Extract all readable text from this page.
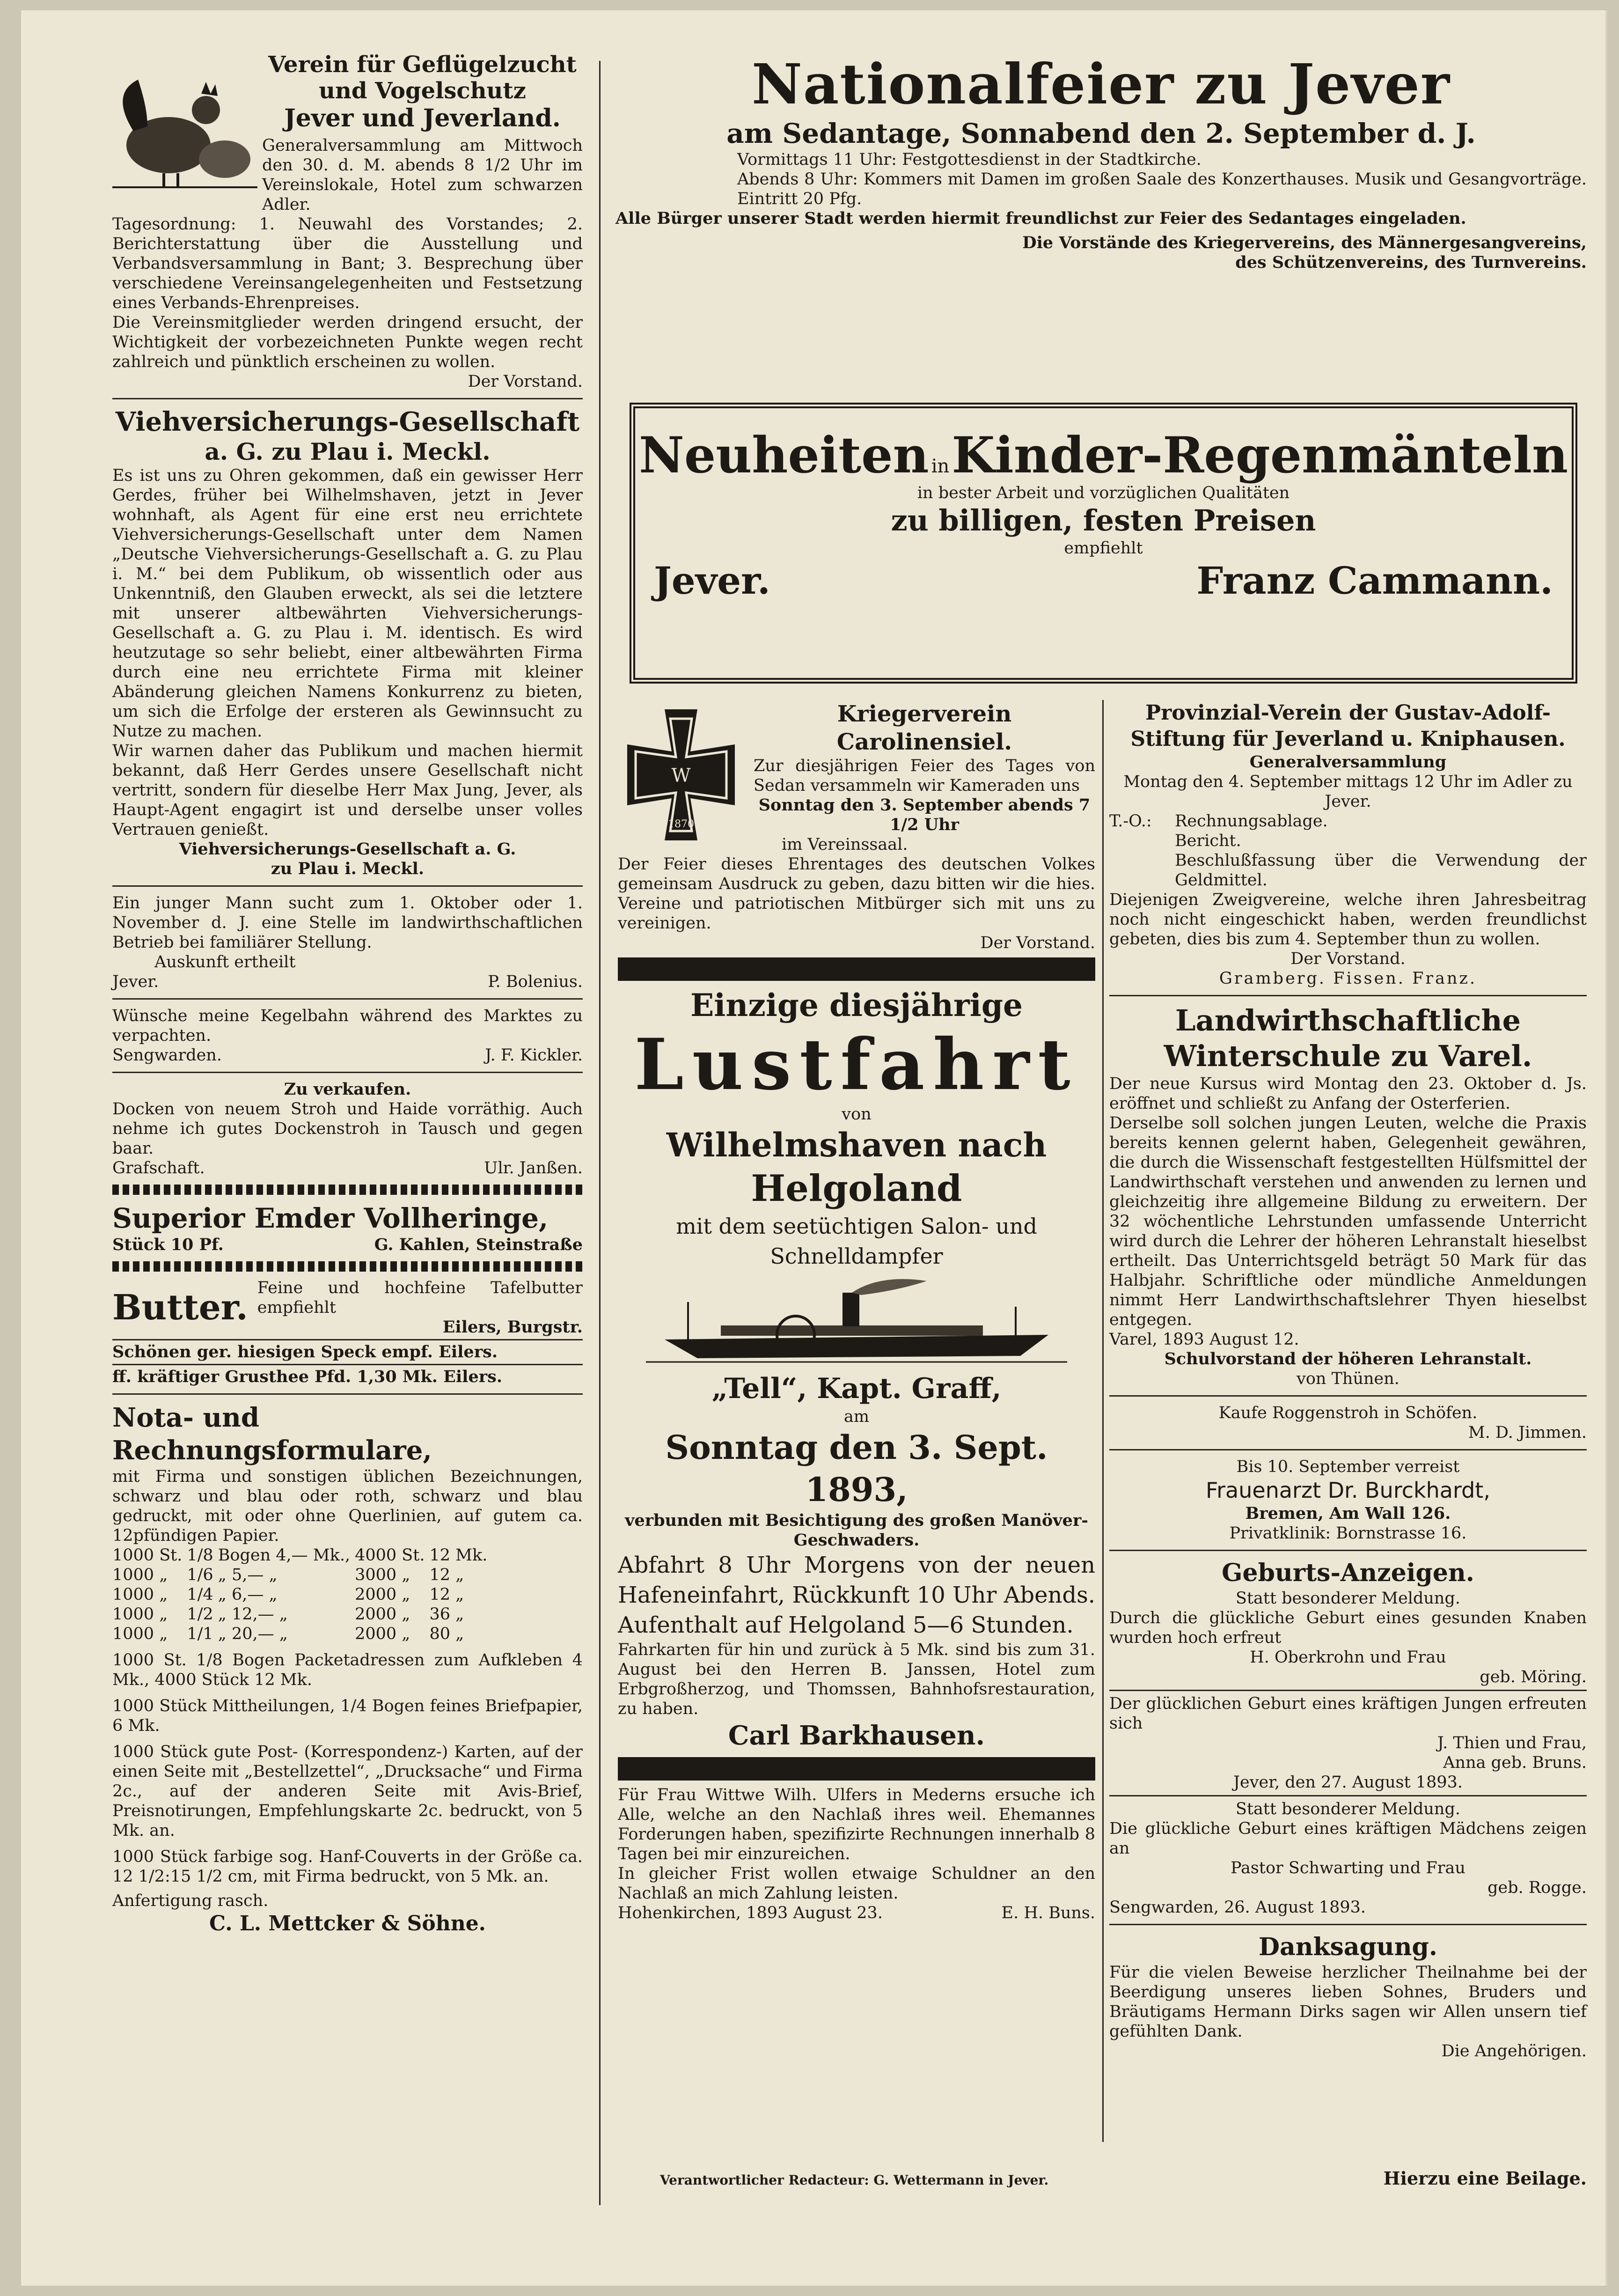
Verein für Geflügelzucht
und Vogelschutz
Jever und Jeverland.

Generalversammlung am Mittwoch den 30. d. M. abends 8 1/2 Uhr im Vereinslokale, Hotel zum schwarzen Adler.

Tagesordnung: 1. Neuwahl des Vorstandes; 2. Berichterstattung über die Ausstellung und Verbandsversammlung in Bant; 3. Besprechung über verschiedene Vereinsangelegenheiten und Festsetzung eines Verbands-Ehrenpreises.

Die Vereinsmitglieder werden dringend ersucht, der Wichtigkeit der vorbezeichneten Punkte wegen recht zahlreich und pünktlich erscheinen zu wollen.

Der Vorstand.

Viehversicherungs-Gesellschaft
a. G. zu Plau i. Meckl.

Es ist uns zu Ohren gekommen, daß ein gewisser Herr Gerdes, früher bei Wilhelmshaven, jetzt in Jever wohnhaft, als Agent für eine erst neu errichtete Viehversicherungs-Gesellschaft unter dem Namen „Deutsche Viehversicherungs-Gesellschaft a. G. zu Plau i. M.“ bei dem Publikum, ob wissentlich oder aus Unkenntniß, den Glauben erweckt, als sei die letztere mit unserer altbewährten Viehversicherungs-Gesellschaft a. G. zu Plau i. M. identisch. Es wird heutzutage so sehr beliebt, einer altbewährten Firma durch eine neu errichtete Firma mit kleiner Abänderung gleichen Namens Konkurrenz zu bieten, um sich die Erfolge der ersteren als Gewinnsucht zu Nutze zu machen.

Wir warnen daher das Publikum und machen hiermit bekannt, daß Herr Gerdes unsere Gesellschaft nicht vertritt, sondern für dieselbe Herr Max Jung, Jever, als Haupt-Agent engagirt ist und derselbe unser volles Vertrauen genießt.

Viehversicherungs-Gesellschaft a. G.

zu Plau i. Meckl.

Ein junger Mann sucht zum 1. Oktober oder 1. November d. J. eine Stelle im landwirthschaftlichen Betrieb bei familiärer Stellung.

Auskunft ertheilt

Jever.	P. Bolenius.

Wünsche meine Kegelbahn während des Marktes zu verpachten.

Sengwarden.	J. F. Kickler.

Zu verkaufen.

Docken von neuem Stroh und Haide vorräthig. Auch nehme ich gutes Dockenstroh in Tausch und gegen baar.

Grafschaft.	Ulr. Janßen.
Superior Emder Vollheringe,
Stück 10 Pf.	G. Kahlen, Steinstraße
Butter. Feine und hochfeine Tafelbutter empfiehlt

Eilers, Burgstr.

Schönen ger. hiesigen Speck empf. Eilers.

ff. kräftiger Grusthee Pfd. 1,30 Mk. Eilers.

Nota- und Rechnungsformulare,

mit Firma und sonstigen üblichen Bezeichnungen, schwarz und blau oder roth, schwarz und blau gedruckt, mit oder ohne Querlinien, auf gutem ca. 12pfündigen Papier.

1000 St.	1/8	Bogen 4,— Mk.,	4000 St.	12 Mk.
1000 „	1/6	„ 5,— „	3000 „	12 „
1000 „	1/4	„ 6,— „	2000 „	12 „
1000 „	1/2	„ 12,— „	2000 „	36 „
1000 „	1/1	„ 20,— „	2000 „	80 „

1000 St. 1/8 Bogen Packetadressen zum Aufkleben 4 Mk., 4000 Stück 12 Mk.

1000 Stück Mittheilungen, 1/4 Bogen feines Briefpapier, 6 Mk.

1000 Stück gute Post- (Korrespondenz-) Karten, auf der einen Seite mit „Bestellzettel“, „Drucksache“ und Firma 2c., auf der anderen Seite mit Avis-Brief, Preisnotirungen, Empfehlungskarte 2c. bedruckt, von 5 Mk. an.

1000 Stück farbige sog. Hanf-Couverts in der Größe ca. 12 1/2:15 1/2 cm, mit Firma bedruckt, von 5 Mk. an.

Anfertigung rasch.

C. L. Mettcker & Söhne.

Nationalfeier zu Jever
am Sedantage, Sonnabend den 2. September d. J.

Vormittags 11 Uhr: Festgottesdienst in der Stadtkirche.

Abends 8 Uhr: Kommers mit Damen im großen Saale des Konzerthauses. Musik und Gesangvorträge. Eintritt 20 Pfg.

Alle Bürger unserer Stadt werden hiermit freundlichst zur Feier des Sedantages eingeladen.

Die Vorstände des Kriegervereins, des Männergesangvereins,

des Schützenvereins, des Turnvereins.

Neuheiten in Kinder-Regenmänteln

in bester Arbeit und vorzüglichen Qualitäten

zu billigen, festen Preisen

empfiehlt

Jever.	Franz Cammann.
W
1870
Kriegerverein Carolinensiel.

Zur diesjährigen Feier des Tages von Sedan versammeln wir Kameraden uns

Sonntag den 3. September abends 7 1/2 Uhr

im Vereinssaal.

Der Feier dieses Ehrentages des deutschen Volkes gemeinsam Ausdruck zu geben, dazu bitten wir die hies. Vereine und patriotischen Mitbürger sich mit uns zu vereinigen.

Der Vorstand.

Einzige diesjährige
Lustfahrt

von

Wilhelmshaven nach
Helgoland

mit dem seetüchtigen Salon- und Schnelldampfer

„Tell“, Kapt. Graff,

am

Sonntag den 3. Sept. 1893,

verbunden mit Besichtigung des großen Manöver-Geschwaders.

Abfahrt 8 Uhr Morgens von der neuen Hafeneinfahrt, Rückkunft 10 Uhr Abends. Aufenthalt auf Helgoland 5—6 Stunden.

Fahrkarten für hin und zurück à 5 Mk. sind bis zum 31. August bei den Herren B. Janssen, Hotel zum Erbgroßherzog, und Thomssen, Bahnhofsrestauration, zu haben.

Carl Barkhausen.

Für Frau Wittwe Wilh. Ulfers in Mederns ersuche ich Alle, welche an den Nachlaß ihres weil. Ehemannes Forderungen haben, spezifizirte Rechnungen innerhalb 8 Tagen bei mir einzureichen.

In gleicher Frist wollen etwaige Schuldner an den Nachlaß an mich Zahlung leisten.

Hohenkirchen, 1893 August 23.	E. H. Buns.
Provinzial-Verein der Gustav-Adolf-Stiftung für Jeverland u. Kniphausen.

Generalversammlung

Montag den 4. September mittags 12 Uhr im Adler zu Jever.

T.-O.:	Rechnungsablage.

Bericht.

Beschlußfassung über die Verwendung der Geldmittel.

Diejenigen Zweigvereine, welche ihren Jahresbeitrag noch nicht eingeschickt haben, werden freundlichst gebeten, dies bis zum 4. September thun zu wollen.

Der Vorstand.

Gramberg. Fissen. Franz.

Landwirthschaftliche
Winterschule zu Varel.

Der neue Kursus wird Montag den 23. Oktober d. Js. eröffnet und schließt zu Anfang der Osterferien.

Derselbe soll solchen jungen Leuten, welche die Praxis bereits kennen gelernt haben, Gelegenheit gewähren, die durch die Wissenschaft festgestellten Hülfsmittel der Landwirthschaft verstehen und anwenden zu lernen und gleichzeitig ihre allgemeine Bildung zu erweitern. Der 32 wöchentliche Lehrstunden umfassende Unterricht wird durch die Lehrer der höheren Lehranstalt hieselbst ertheilt. Das Unterrichtsgeld beträgt 50 Mark für das Halbjahr. Schriftliche oder mündliche Anmeldungen nimmt Herr Landwirthschaftslehrer Thyen hieselbst entgegen.

Varel, 1893 August 12.

Schulvorstand der höheren Lehranstalt.

von Thünen.

Kaufe Roggenstroh in Schöfen.

M. D. Jimmen.

Bis 10. September verreist

Frauenarzt Dr. Burckhardt,

Bremen, Am Wall 126.

Privatklinik: Bornstrasse 16.

Geburts-Anzeigen.

Statt besonderer Meldung.

Durch die glückliche Geburt eines gesunden Knaben wurden hoch erfreut

H. Oberkrohn und Frau

geb. Möring.

Der glücklichen Geburt eines kräftigen Jungen erfreuten sich

J. Thien und Frau,

Anna geb. Bruns.

Jever, den 27. August 1893.

Statt besonderer Meldung.

Die glückliche Geburt eines kräftigen Mädchens zeigen an

Pastor Schwarting und Frau

geb. Rogge.

Sengwarden, 26. August 1893.

Danksagung.

Für die vielen Beweise herzlicher Theilnahme bei der Beerdigung unseres lieben Sohnes, Bruders und Bräutigams Hermann Dirks sagen wir Allen unsern tief gefühlten Dank.

Die Angehörigen.

Verantwortlicher Redacteur: G. Wettermann in Jever.	Hierzu eine Beilage.
